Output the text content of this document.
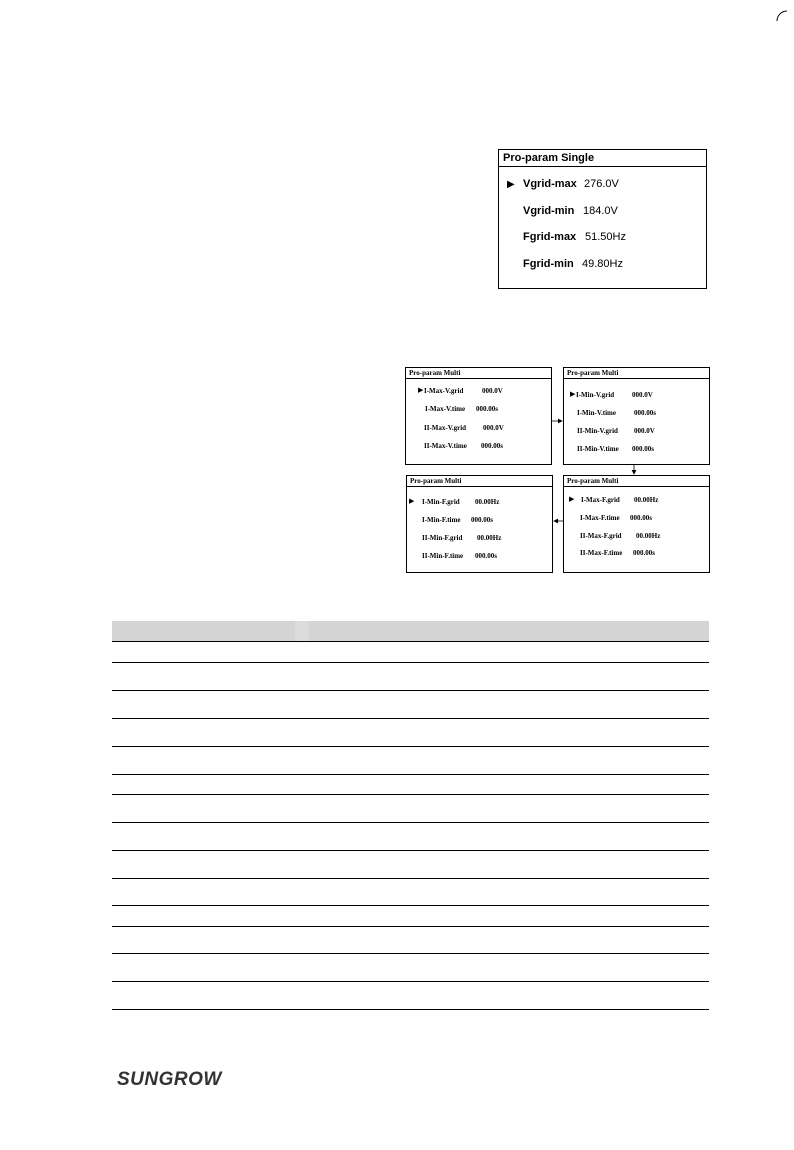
Pro-param Single
▶ Vgrid-max 276.0V
Vgrid-min 184.0V
Fgrid-max 51.50Hz
Fgrid-min 49.80Hz
Pro-param Multi
▶ I-Max-V.grid	000.0V
I-Max-V.time 000.00s
II-Max-V.grid 000.0V
II-Max-V.time 000.00s
Pro-param Multi
▶ I-Min-V.grid	000.0V
I-Min-V.time	000.00s
II-Min-V.grid 000.0V
II-Min-V.time 000.00s
Pro-param Multi
▶ I-Max-F.grid 00.00Hz
I-Max-F.time 000.00s
II-Max-F.grid 00.00Hz
II-Max-F.time 000.00s
Pro-param Multi
▶ I-Min-F.grid 00.00Hz
I-Min-F.time 000.00s
II-Min-F.grid 00.00Hz
II-Min-F.time 000.00s
SUNGROW
